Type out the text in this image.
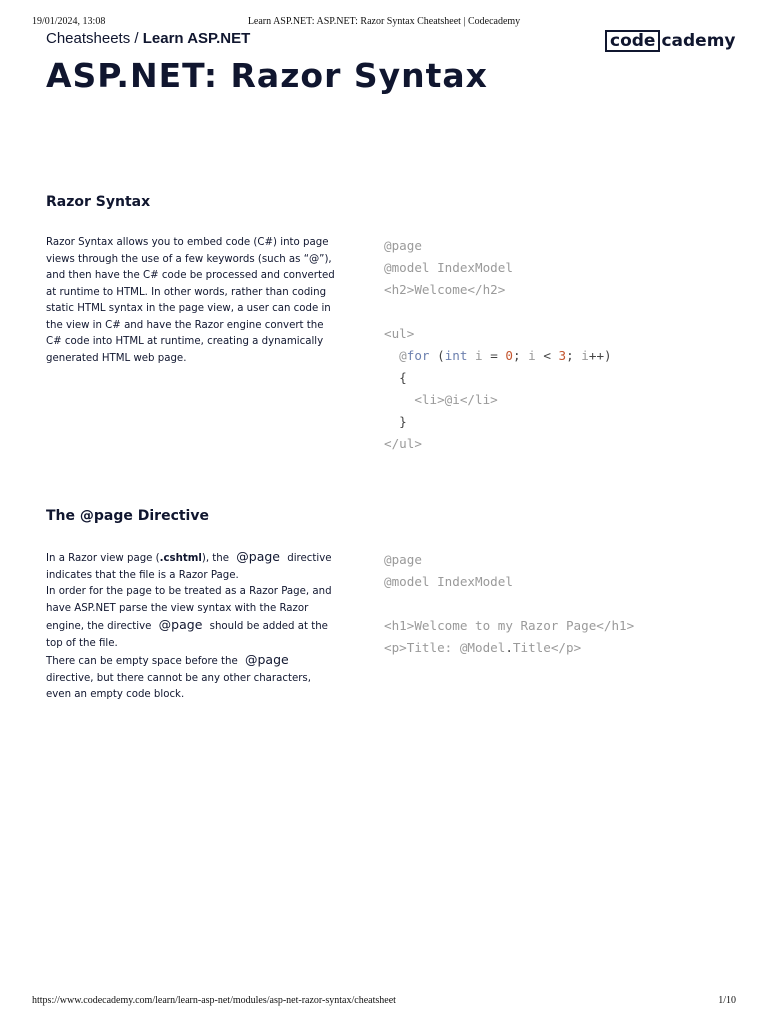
19/01/2024, 13:08	Learn ASP.NET: ASP.NET: Razor Syntax Cheatsheet | Codecademy
Cheatsheets / Learn ASP.NET	code cademy
ASP.NET: Razor Syntax
Razor Syntax

Razor Syntax allows you to embed code (C#) into page views through the use of a few keywords (such as “@”), and then have the C# code be processed and converted at runtime to HTML. In other words, rather than coding static HTML syntax in the page view, a user can code in the view in C# and have the Razor engine convert the C# code into HTML at runtime, creating a dynamically generated HTML web page.

@page
@model IndexModel
<h2>Welcome</h2>

<ul>
@for (int i = 0; i < 3; i++)
{
<li>@i</li>
}
</ul>
The @page Directive

In a Razor view page (.cshtml), the @page directive indicates that the file is a Razor Page.

In order for the page to be treated as a Razor Page, and have ASP.NET parse the view syntax with the Razor engine, the directive @page should be added at the top of the file.

There can be empty space before the @page directive, but there cannot be any other characters, even an empty code block.

@page
@model IndexModel

<h1>Welcome to my Razor Page</h1>
<p>Title: @Model.Title</p>
https://www.codecademy.com/learn/learn-asp-net/modules/asp-net-razor-syntax/cheatsheet	1/10
